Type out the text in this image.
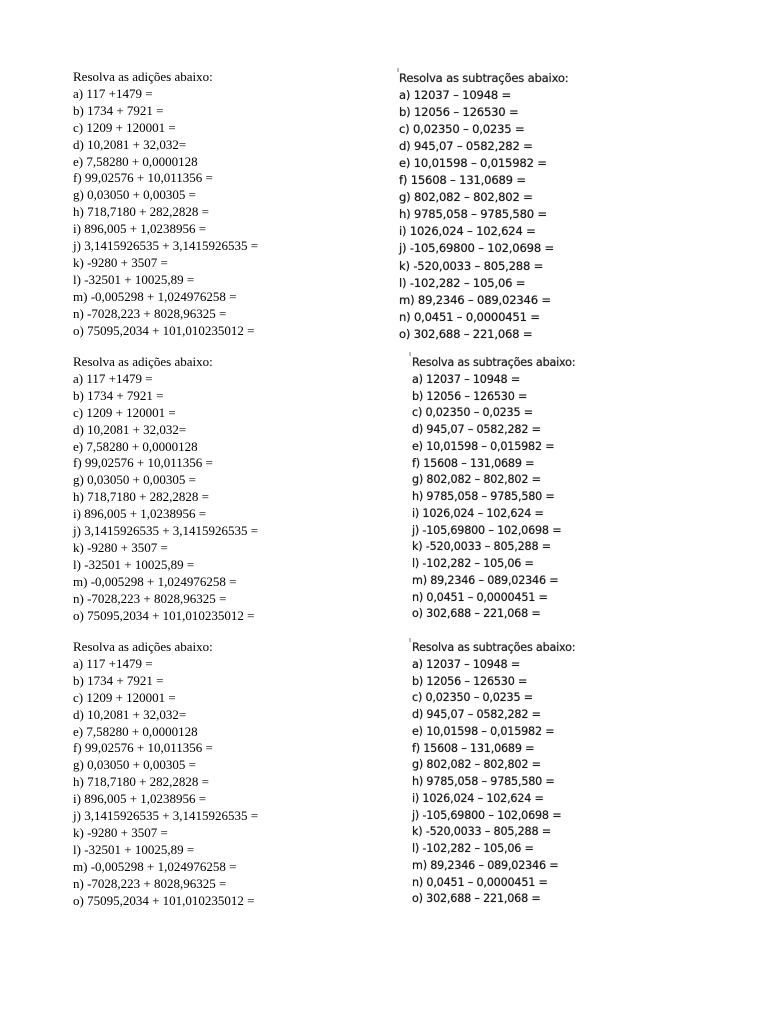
Resolva as adições abaixo:
a) 117 +1479 =
b) 1734 + 7921 =
c) 1209 + 120001 =
d) 10,2081 + 32,032=
e) 7,58280 + 0,0000128
f) 99,02576 + 10,011356 =
g) 0,03050 + 0,00305 =
h) 718,7180 + 282,2828 =
i) 896,005 + 1,0238956 =
j) 3,1415926535 + 3,1415926535 =
k) -9280 + 3507 =
l) -32501 + 10025,89 =
m) -0,005298 + 1,024976258 =
n) -7028,223 + 8028,96325 =
o) 75095,2034 + 101,010235012 =
Resolva as subtrações abaixo:
a) 12037 – 10948 =
b) 12056 – 126530 =
c) 0,02350 – 0,0235 =
d) 945,07 – 0582,282 =
e) 10,01598 – 0,015982 =
f) 15608 – 131,0689 =
g) 802,082 – 802,802 =
h) 9785,058 – 9785,580 =
i) 1026,024 – 102,624 =
j) -105,69800 – 102,0698 =
k) -520,0033 – 805,288 =
l) -102,282 – 105,06 =
m) 89,2346 – 089,02346 =
n) 0,0451 – 0,0000451 =
o) 302,688 – 221,068 =
Resolva as adições abaixo:
a) 117 +1479 =
b) 1734 + 7921 =
c) 1209 + 120001 =
d) 10,2081 + 32,032=
e) 7,58280 + 0,0000128
f) 99,02576 + 10,011356 =
g) 0,03050 + 0,00305 =
h) 718,7180 + 282,2828 =
i) 896,005 + 1,0238956 =
j) 3,1415926535 + 3,1415926535 =
k) -9280 + 3507 =
l) -32501 + 10025,89 =
m) -0,005298 + 1,024976258 =
n) -7028,223 + 8028,96325 =
o) 75095,2034 + 101,010235012 =
Resolva as subtrações abaixo:
a) 12037 – 10948 =
b) 12056 – 126530 =
c) 0,02350 – 0,0235 =
d) 945,07 – 0582,282 =
e) 10,01598 – 0,015982 =
f) 15608 – 131,0689 =
g) 802,082 – 802,802 =
h) 9785,058 – 9785,580 =
i) 1026,024 – 102,624 =
j) -105,69800 – 102,0698 =
k) -520,0033 – 805,288 =
l) -102,282 – 105,06 =
m) 89,2346 – 089,02346 =
n) 0,0451 – 0,0000451 =
o) 302,688 – 221,068 =
Resolva as adições abaixo:
a) 117 +1479 =
b) 1734 + 7921 =
c) 1209 + 120001 =
d) 10,2081 + 32,032=
e) 7,58280 + 0,0000128
f) 99,02576 + 10,011356 =
g) 0,03050 + 0,00305 =
h) 718,7180 + 282,2828 =
i) 896,005 + 1,0238956 =
j) 3,1415926535 + 3,1415926535 =
k) -9280 + 3507 =
l) -32501 + 10025,89 =
m) -0,005298 + 1,024976258 =
n) -7028,223 + 8028,96325 =
o) 75095,2034 + 101,010235012 =
Resolva as subtrações abaixo:
a) 12037 – 10948 =
b) 12056 – 126530 =
c) 0,02350 – 0,0235 =
d) 945,07 – 0582,282 =
e) 10,01598 – 0,015982 =
f) 15608 – 131,0689 =
g) 802,082 – 802,802 =
h) 9785,058 – 9785,580 =
i) 1026,024 – 102,624 =
j) -105,69800 – 102,0698 =
k) -520,0033 – 805,288 =
l) -102,282 – 105,06 =
m) 89,2346 – 089,02346 =
n) 0,0451 – 0,0000451 =
o) 302,688 – 221,068 =
